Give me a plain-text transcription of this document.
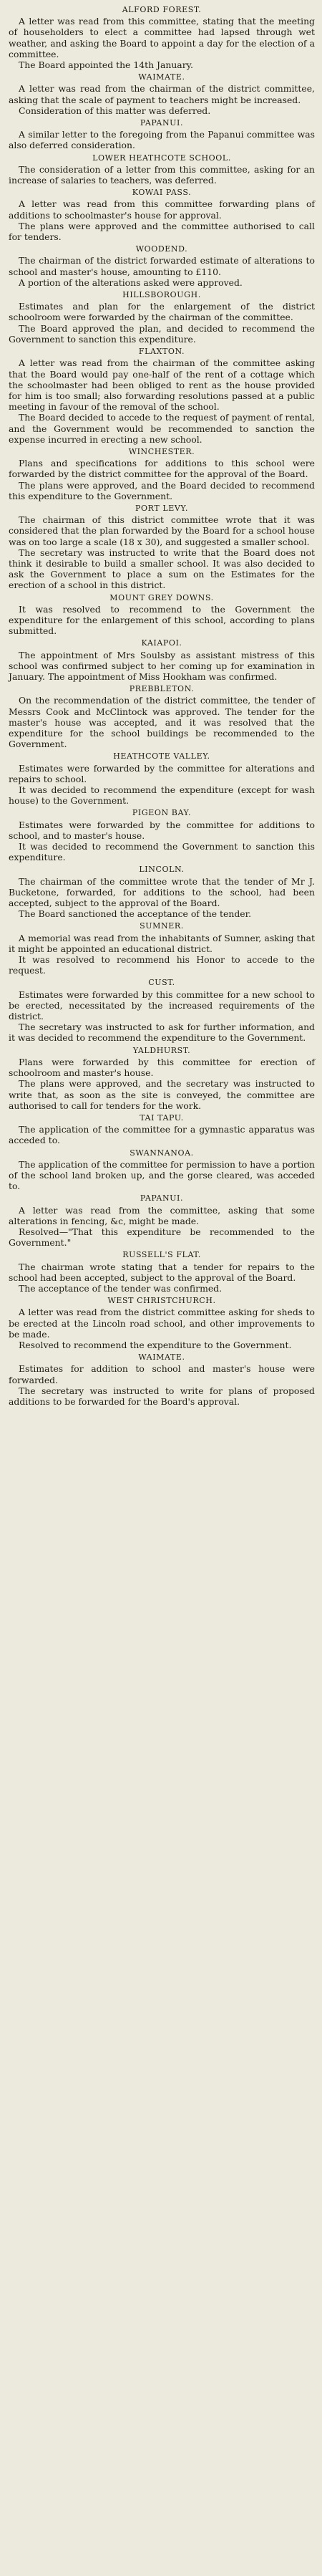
ALFORD FOREST.

A letter was read from this committee, stating that the meeting of householders to elect a committee had lapsed through wet weather, and asking the Board to appoint a day for the election of a committee.

The Board appointed the 14th January.

WAIMATE.

A letter was read from the chairman of the district committee, asking that the scale of payment to teachers might be increased.

Consideration of this matter was deferred.

PAPANUI.

A similar letter to the foregoing from the Papanui committee was also deferred consideration.

LOWER HEATHCOTE SCHOOL.

The consideration of a letter from this committee, asking for an increase of salaries to teachers, was deferred.

KOWAI PASS.

A letter was read from this committee forwarding plans of additions to schoolmaster's house for approval.

The plans were approved and the committee authorised to call for tenders.

WOODEND.

The chairman of the district forwarded estimate of alterations to school and master's house, amounting to £110.

A portion of the alterations asked were approved.

HILLSBOROUGH.

Estimates and plan for the enlargement of the district schoolroom were forwarded by the chairman of the committee.

The Board approved the plan, and decided to recommend the Government to sanction this expenditure.

FLAXTON.

A letter was read from the chairman of the committee asking that the Board would pay one-half of the rent of a cottage which the schoolmaster had been obliged to rent as the house provided for him is too small; also forwarding resolutions passed at a public meeting in favour of the removal of the school.

The Board decided to accede to the request of payment of rental, and the Government would be recommended to sanction the expense incurred in erecting a new school.

WINCHESTER.

Plans and specifications for additions to this school were forwarded by the district committee for the approval of the Board.

The plans were approved, and the Board decided to recommend this expenditure to the Government.

PORT LEVY.

The chairman of this district committee wrote that it was considered that the plan forwarded by the Board for a school house was on too large a scale (18 x 30), and suggested a smaller school.

The secretary was instructed to write that the Board does not think it desirable to build a smaller school. It was also decided to ask the Government to place a sum on the Estimates for the erection of a school in this district.

MOUNT GREY DOWNS.

It was resolved to recommend to the Government the expenditure for the enlargement of this school, according to plans submitted.

KAIAPOI.

The appointment of Mrs Soulsby as assistant mistress of this school was confirmed subject to her coming up for examination in January. The appointment of Miss Hookham was confirmed.

PREBBLETON.

On the recommendation of the district committee, the tender of Messrs Cook and McClintock was approved. The tender for the master's house was accepted, and it was resolved that the expenditure for the school buildings be recommended to the Government.

HEATHCOTE VALLEY.

Estimates were forwarded by the committee for alterations and repairs to school.

It was decided to recommend the expenditure (except for wash house) to the Government.

PIGEON BAY.

Estimates were forwarded by the committee for additions to school, and to master's house.

It was decided to recommend the Government to sanction this expenditure.

LINCOLN.

The chairman of the committee wrote that the tender of Mr J. Bucketone, forwarded, for additions to the school, had been accepted, subject to the approval of the Board.

The Board sanctioned the acceptance of the tender.

SUMNER.

A memorial was read from the inhabitants of Sumner, asking that it might be appointed an educational district.

It was resolved to recommend his Honor to accede to the request.

CUST.

Estimates were forwarded by this committee for a new school to be erected, necessitated by the increased requirements of the district.

The secretary was instructed to ask for further information, and it was decided to recommend the expenditure to the Government.

YALDHURST.

Plans were forwarded by this committee for erection of schoolroom and master's house.

The plans were approved, and the secretary was instructed to write that, as soon as the site is conveyed, the committee are authorised to call for tenders for the work.

TAI TAPU.

The application of the committee for a gymnastic apparatus was acceded to.

SWANNANOA.

The application of the committee for permission to have a portion of the school land broken up, and the gorse cleared, was acceded to.

PAPANUI.

A letter was read from the committee, asking that some alterations in fencing, &c, might be made.

Resolved—"That this expenditure be recommended to the Government."

RUSSELL'S FLAT.

The chairman wrote stating that a tender for repairs to the school had been accepted, subject to the approval of the Board.

The acceptance of the tender was confirmed.

WEST CHRISTCHURCH.

A letter was read from the district committee asking for sheds to be erected at the Lincoln road school, and other improvements to be made.

Resolved to recommend the expenditure to the Government.

WAIMATE.

Estimates for addition to school and master's house were forwarded.

The secretary was instructed to write for plans of proposed additions to be forwarded for the Board's approval.
